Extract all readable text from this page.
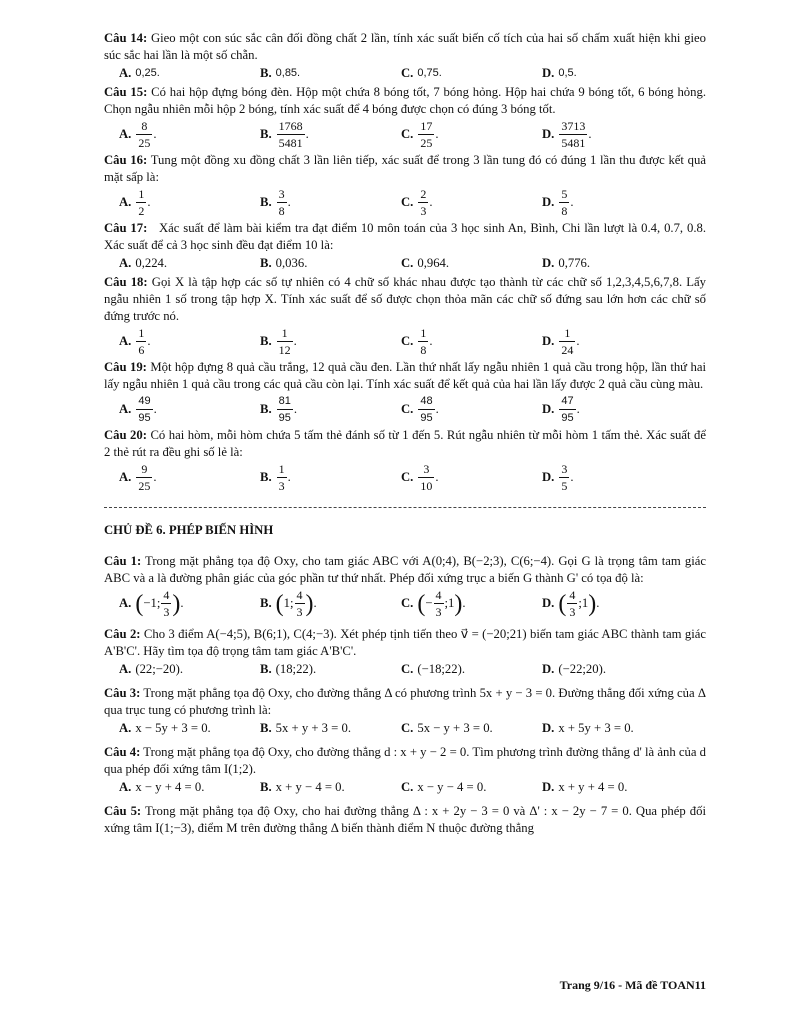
Câu 14: Gieo một con súc sắc cân đối đồng chất 2 lần, tính xác suất biến cố tích của hai số chấm xuất hiện khi gieo súc sắc hai lần là một số chẵn.

A. 0,25.	B. 0,85.	C. 0,75.	D. 0,5.

Câu 15: Có hai hộp đựng bóng đèn. Hộp một chứa 8 bóng tốt, 7 bóng hỏng. Hộp hai chứa 9 bóng tốt, 6 bóng hỏng. Chọn ngẫu nhiên mỗi hộp 2 bóng, tính xác suất để 4 bóng được chọn có đúng 3 bóng tốt.

A. $\frac{8}{25}$ .	B. $\frac{1768}{5481}$ .	C. $\frac{17}{25}$ .	D. $\frac{3713}{5481}$ .

Câu 16: Tung một đồng xu đồng chất 3 lần liên tiếp, xác suất để trong 3 lần tung đó có đúng 1 lần thu được kết quả mặt sấp là:

A. $\frac{1}{2}$ .	B. $\frac{3}{8}$ .	C. $\frac{2}{3}$ .	D. $\frac{5}{8}$ .

Câu 17: Xác suất để làm bài kiểm tra đạt điểm 10 môn toán của 3 học sinh An, Bình, Chi lần lượt là 0.4, 0.7, 0.8. Xác suất để cả 3 học sinh đều đạt điểm 10 là:

A. 0,224.	B. 0,036.	C. 0,964.	D. 0,776.

Câu 18: Gọi X là tập hợp các số tự nhiên có 4 chữ số khác nhau được tạo thành từ các chữ số 1,2,3,4,5,6,7,8. Lấy ngẫu nhiên 1 số trong tập hợp X. Tính xác suất để số được chọn thỏa mãn các chữ số đứng sau lớn hơn các chữ số đứng trước nó.

A. $\frac{1}{6}$ .	B. $\frac{1}{12}$ .	C. $\frac{1}{8}$ .	D. $\frac{1}{24}$ .

Câu 19: Một hộp đựng 8 quả cầu trắng, 12 quả cầu đen. Lần thứ nhất lấy ngẫu nhiên 1 quả cầu trong hộp, lần thứ hai lấy ngẫu nhiên 1 quả cầu trong các quả cầu còn lại. Tính xác suất để kết quả của hai lần lấy được 2 quả cầu cùng màu.

A. $\frac{49}{95}$ .	B. $\frac{81}{95}$ .	C. $\frac{48}{95}$ .	D. $\frac{47}{95}$ .

Câu 20: Có hai hòm, mỗi hòm chứa 5 tấm thẻ đánh số từ 1 đến 5. Rút ngẫu nhiên từ mỗi hòm 1 tấm thẻ. Xác suất để 2 thẻ rút ra đều ghi số lẻ là:

A. $\frac{9}{25}$ .	B. $\frac{1}{3}$ .	C. $\frac{3}{10}$ .	D. $\frac{3}{5}$ .

CHỦ ĐỀ 6. PHÉP BIẾN HÌNH

Câu 1: Trong mặt phẳng tọa độ Oxy, cho tam giác ABC với A(0;4), B(−2;3), C(6;−4). Gọi G là trọng tâm tam giác ABC và a là đường phân giác của góc phần tư thứ nhất. Phép đối xứng trục a biến G thành G' có tọa độ là:

A. ( −1; $\frac{4}{3}$ ) .	B. ( 1; $\frac{4}{3}$ ) .	C. ( − $\frac{4}{3}$ ;1 ) .	D. ( $\frac{4}{3}$ ;1 ) .

Câu 2: Cho 3 điểm A(−4;5), B(6;1), C(4;−3). Xét phép tịnh tiến theo v⃗ = (−20;21) biến tam giác ABC thành tam giác A'B'C'. Hãy tìm tọa độ trọng tâm tam giác A'B'C'.

A. (22;−20).	B. (18;22).	C. (−18;22).	D. (−22;20).

Câu 3: Trong mặt phẳng tọa độ Oxy, cho đường thẳng Δ có phương trình 5x + y − 3 = 0. Đường thẳng đối xứng của Δ qua trục tung có phương trình là:

A. x − 5y + 3 = 0.	B. 5x + y + 3 = 0.	C. 5x − y + 3 = 0.	D. x + 5y + 3 = 0.

Câu 4: Trong mặt phẳng tọa độ Oxy, cho đường thẳng d : x + y − 2 = 0. Tìm phương trình đường thẳng d' là ảnh của d qua phép đối xứng tâm I(1;2).

A. x − y + 4 = 0.	B. x + y − 4 = 0.	C. x − y − 4 = 0.	D. x + y + 4 = 0.

Câu 5: Trong mặt phẳng tọa độ Oxy, cho hai đường thẳng Δ : x + 2y − 3 = 0 và Δ' : x − 2y − 7 = 0. Qua phép đối xứng tâm I(1;−3), điểm M trên đường thẳng Δ biến thành điểm N thuộc đường thẳng

Trang 9/16 - Mã đề TOAN11
